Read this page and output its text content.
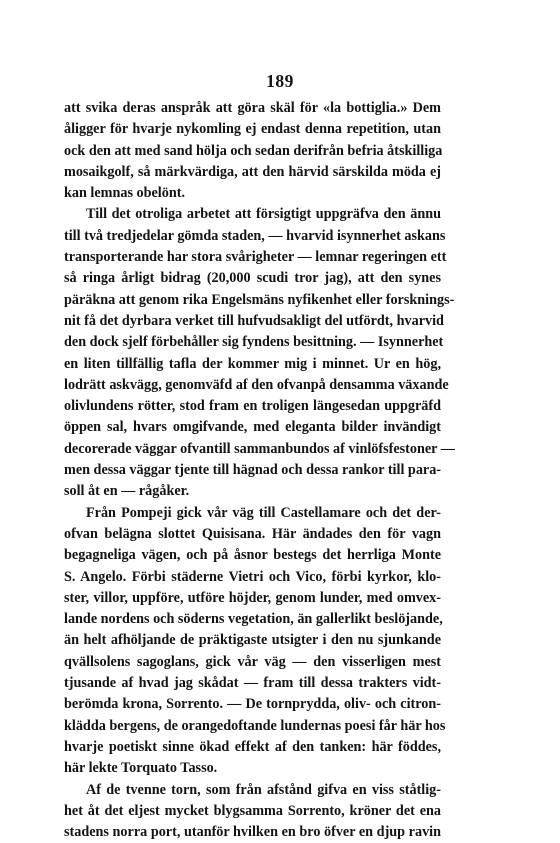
189
att svika deras anspråk att göra skäl för «la bottiglia.» Dem
åligger för hvarje nykomling ej endast denna repetition, utan
ock den att med sand hölja och sedan derifrån befria åtskilliga
mosaikgolf, så märkvärdiga, att den härvid särskilda möda ej
kan lemnas obelönt.
Till det otroliga arbetet att försigtigt uppgräfva den ännu
till två tredjedelar gömda staden, — hvarvid isynnerhet askans
transporterande har stora svårigheter — lemnar regeringen ett
så ringa årligt bidrag (20,000 scudi tror jag), att den synes
päräkna att genom rika Engelsmäns nyfikenhet eller forsknings-
nit få det dyrbara verket till hufvudsakligt del utfördt, hvarvid
den dock sjelf förbehåller sig fyndens besittning. — Isynnerhet
en liten tillfällig tafla der kommer mig i minnet. Ur en hög,
lodrätt askvägg, genomväfd af den ofvanpå densamma växande
olivlundens rötter, stod fram en troligen längesedan uppgräfd
öppen sal, hvars omgifvande, med eleganta bilder invändigt
decorerade väggar ofvantill sammanbundos af vinlöfsfestoner —
men dessa väggar tjente till hägnad och dessa rankor till para-
soll åt en — rågåker.
Från Pompeji gick vår väg till Castellamare och det der-
ofvan belägna slottet Quisisana. Här ändades den för vagn
begagneliga vägen, och på åsnor bestegs det herrliga Monte
S. Angelo. Förbi städerne Vietri och Vico, förbi kyrkor, klo-
ster, villor, uppföre, utföre höjder, genom lunder, med omvex-
lande nordens och söderns vegetation, än gallerlikt beslöjande,
än helt afhöljande de präktigaste utsigter i den nu sjunkande
qvällsolens sagoglans, gick vår väg — den visserligen mest
tjusande af hvad jag skådat — fram till dessa trakters vidt-
berömda krona, Sorrento. — De tornprydda, oliv- och citron-
klädda bergens, de orangedoftande lundernas poesi får här hos
hvarje poetiskt sinne ökad effekt af den tanken: här föddes,
här lekte Torquato Tasso.
Af de tvenne torn, som från afstånd gifva en viss ståtlig-
het åt det eljest mycket blygsamma Sorrento, kröner det ena
stadens norra port, utanför hvilken en bro öfver en djup ravin
